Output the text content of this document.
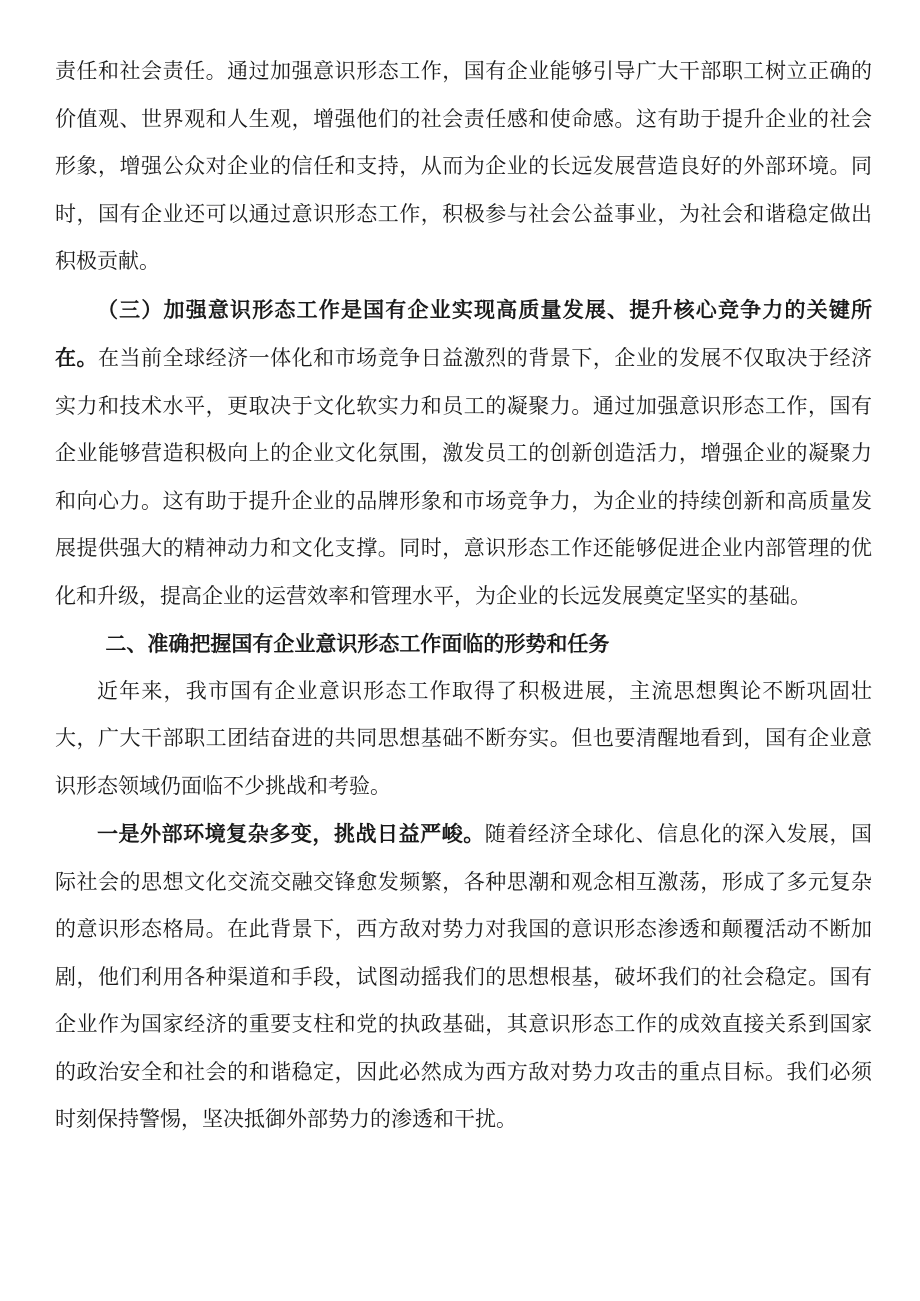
责任和社会责任。通过加强意识形态工作，国有企业能够引导广大干部职工树立正确的价值观、世界观和人生观，增强他们的社会责任感和使命感。这有助于提升企业的社会形象，增强公众对企业的信任和支持，从而为企业的长远发展营造良好的外部环境。同时，国有企业还可以通过意识形态工作，积极参与社会公益事业，为社会和谐稳定做出积极贡献。

（三）加强意识形态工作是国有企业实现高质量发展、提升核心竞争力的关键所在。在当前全球经济一体化和市场竞争日益激烈的背景下，企业的发展不仅取决于经济实力和技术水平，更取决于文化软实力和员工的凝聚力。通过加强意识形态工作，国有企业能够营造积极向上的企业文化氛围，激发员工的创新创造活力，增强企业的凝聚力和向心力。这有助于提升企业的品牌形象和市场竞争力，为企业的持续创新和高质量发展提供强大的精神动力和文化支撑。同时，意识形态工作还能够促进企业内部管理的优化和升级，提高企业的运营效率和管理水平，为企业的长远发展奠定坚实的基础。

二、准确把握国有企业意识形态工作面临的形势和任务

近年来，我市国有企业意识形态工作取得了积极进展，主流思想舆论不断巩固壮大，广大干部职工团结奋进的共同思想基础不断夯实。但也要清醒地看到，国有企业意识形态领域仍面临不少挑战和考验。

一是外部环境复杂多变，挑战日益严峻。随着经济全球化、信息化的深入发展，国际社会的思想文化交流交融交锋愈发频繁，各种思潮和观念相互激荡，形成了多元复杂的意识形态格局。在此背景下，西方敌对势力对我国的意识形态渗透和颠覆活动不断加剧，他们利用各种渠道和手段，试图动摇我们的思想根基，破坏我们的社会稳定。国有企业作为国家经济的重要支柱和党的执政基础，其意识形态工作的成效直接关系到国家的政治安全和社会的和谐稳定，因此必然成为西方敌对势力攻击的重点目标。我们必须时刻保持警惕，坚决抵御外部势力的渗透和干扰。
